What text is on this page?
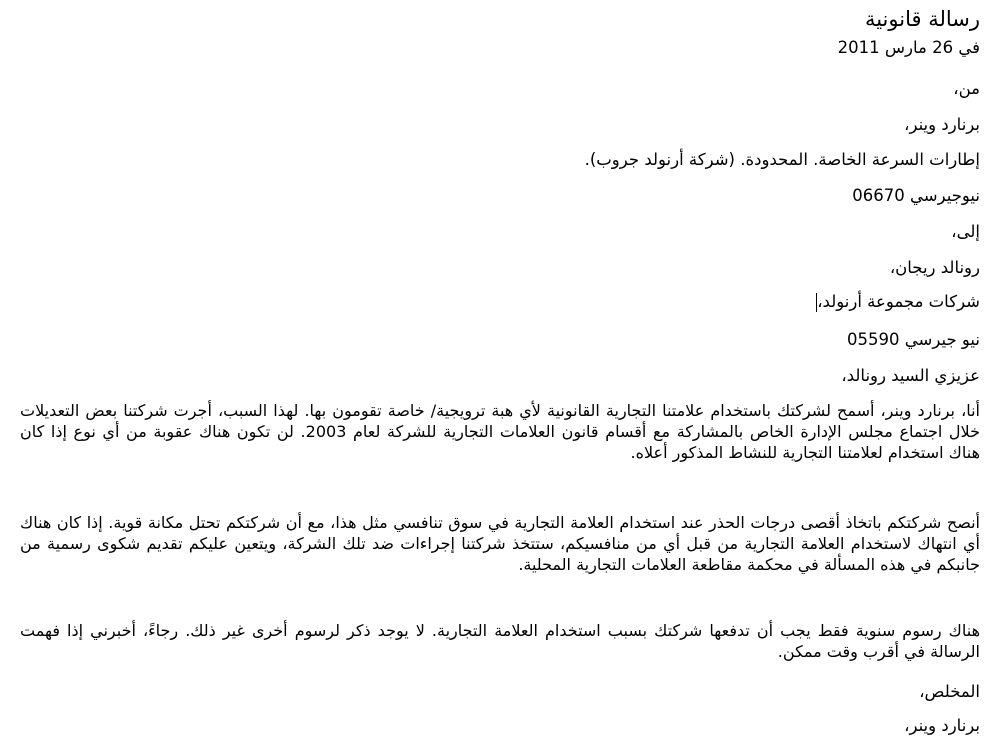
رسالة قانونية
في 26 مارس 2011
من،
برنارد وينر،
إطارات السرعة الخاصة. المحدودة. (شركة أرنولد جروب).
نيوجيرسي 06670
إلى،
رونالد ريجان،
شركات مجموعة أرنولد،
نيو جيرسي 05590
عزيزي السيد رونالد،
أنا، برنارد وينر، أسمح لشركتك باستخدام علامتنا التجارية القانونية لأي هبة ترويجية/ خاصة تقومون بها. لهذا السبب، أجرت شركتنا بعض التعديلات خلال اجتماع مجلس الإدارة الخاص بالمشاركة مع أقسام قانون العلامات التجارية للشركة لعام 2003. لن تكون هناك عقوبة من أي نوع إذا كان هناك استخدام لعلامتنا التجارية للنشاط المذكور أعلاه.
أنصح شركتكم باتخاذ أقصى درجات الحذر عند استخدام العلامة التجارية في سوق تنافسي مثل هذا، مع أن شركتكم تحتل مكانة قوية. إذا كان هناك أي انتهاك لاستخدام العلامة التجارية من قبل أي من منافسيكم، ستتخذ شركتنا إجراءات ضد تلك الشركة، ويتعين عليكم تقديم شكوى رسمية من جانبكم في هذه المسألة في محكمة مقاطعة العلامات التجارية المحلية.
هناك رسوم سنوية فقط يجب أن تدفعها شركتك بسبب استخدام العلامة التجارية. لا يوجد ذكر لرسوم أخرى غير ذلك. رجاءً، أخبرني إذا فهمت الرسالة في أقرب وقت ممكن.
المخلص،
برنارد وينر،
